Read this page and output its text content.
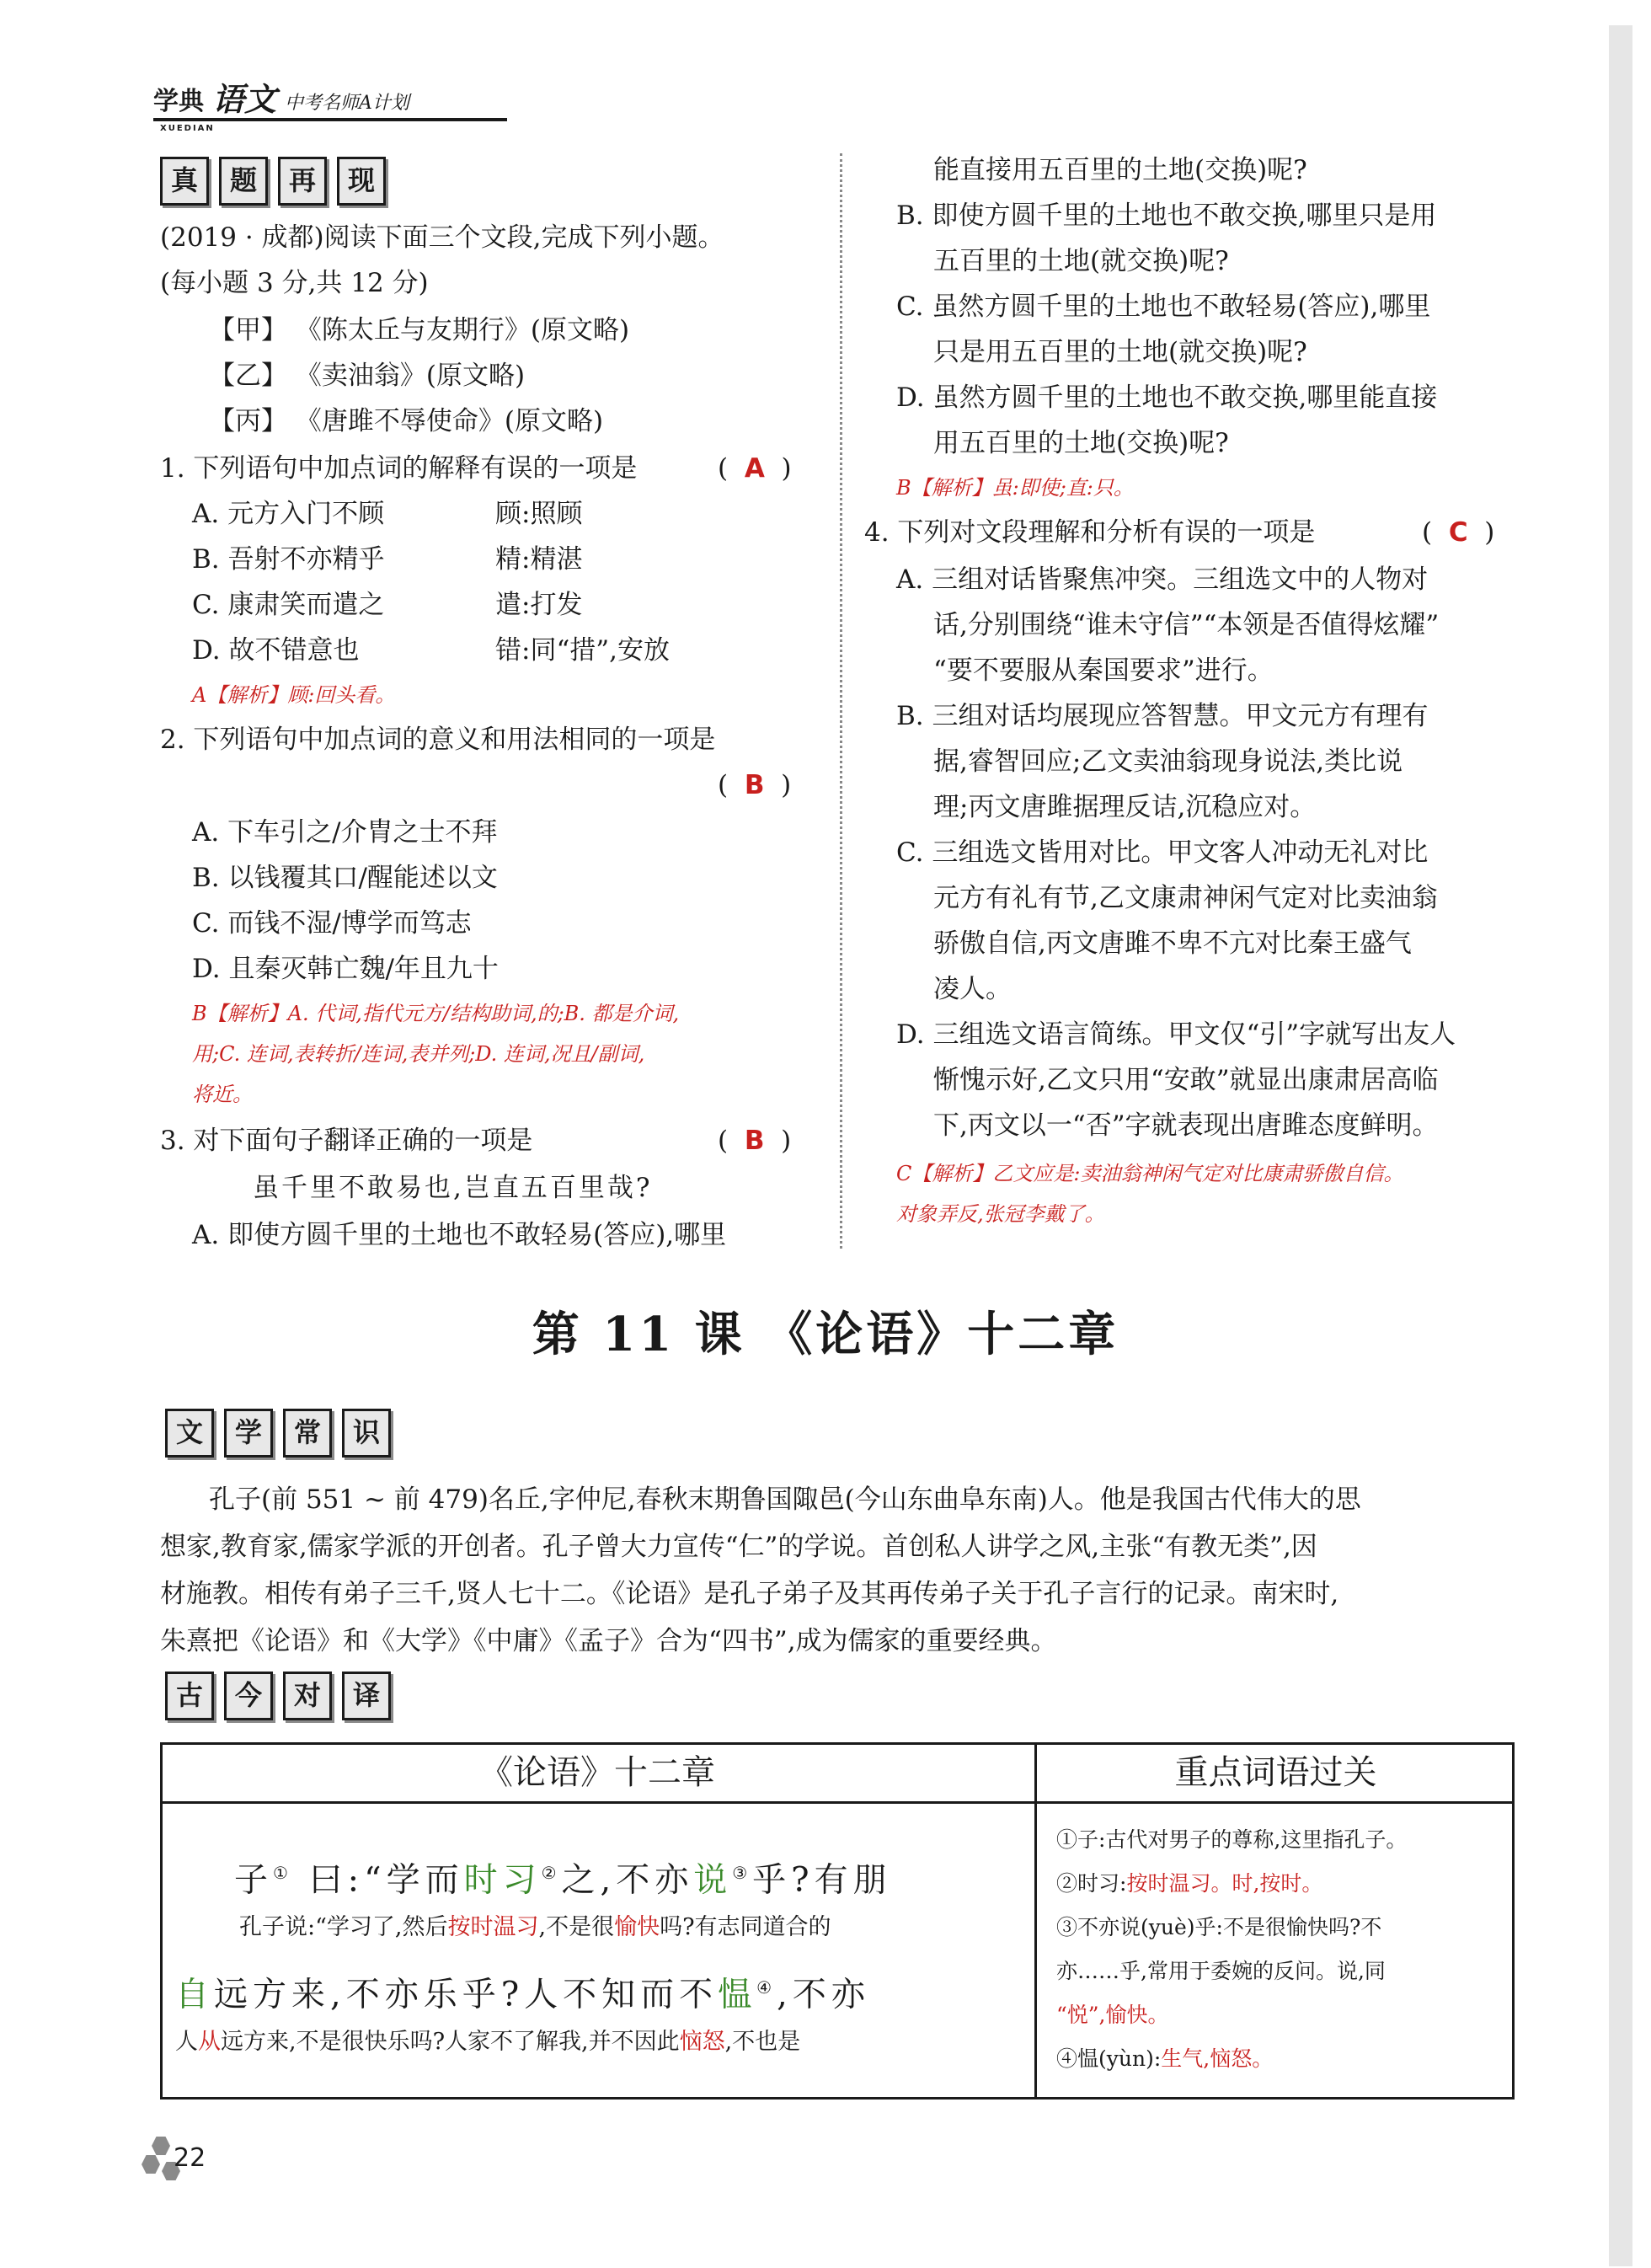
学典
XUEDIAN
语文 中考名师A计划
真	题	再	现
(2019 · 成都)阅读下面三个文段,完成下列小题。
(每小题 3 分,共 12 分)
【甲】 《陈太丘与友期行》(原文略)
【乙】 《卖油翁》(原文略)
【丙】 《唐雎不辱使命》(原文略)
1. 下列语句中加点词的解释有误的一项是	(  A  )
A. 元方入门不顾	顾:照顾
B. 吾射不亦精乎	精:精湛
C. 康肃笑而遣之	遣:打发
D. 故不错意也	错:同“措”,安放
A【解析】顾:回头看。
2. 下列语句中加点词的意义和用法相同的一项是
(  B  )
A. 下车引之/介胄之士不拜
B. 以钱覆其口/醒能述以文
C. 而钱不湿/博学而笃志
D. 且秦灭韩亡魏/年且九十
B【解析】A. 代词,指代元方/结构助词,的;B. 都是介词,
用;C. 连词,表转折/连词,表并列;D. 连词,况且/副词,
将近。
3. 对下面句子翻译正确的一项是	(  B  )
虽千里不敢易也,岂直五百里哉?
A. 即使方圆千里的土地也不敢轻易(答应),哪里
能直接用五百里的土地(交换)呢?
B. 即使方圆千里的土地也不敢交换,哪里只是用
五百里的土地(就交换)呢?
C. 虽然方圆千里的土地也不敢轻易(答应),哪里
只是用五百里的土地(就交换)呢?
D. 虽然方圆千里的土地也不敢交换,哪里能直接
用五百里的土地(交换)呢?
B【解析】虽:即使;直:只。
4. 下列对文段理解和分析有误的一项是	(  C  )
A. 三组对话皆聚焦冲突。三组选文中的人物对
话,分别围绕“谁未守信”“本领是否值得炫耀”
“要不要服从秦国要求”进行。
B. 三组对话均展现应答智慧。甲文元方有理有
据,睿智回应;乙文卖油翁现身说法,类比说
理;丙文唐雎据理反诘,沉稳应对。
C. 三组选文皆用对比。甲文客人冲动无礼对比
元方有礼有节,乙文康肃神闲气定对比卖油翁
骄傲自信,丙文唐雎不卑不亢对比秦王盛气
凌人。
D. 三组选文语言简练。甲文仅“引”字就写出友人
惭愧示好,乙文只用“安敢”就显出康肃居高临
下,丙文以一“否”字就表现出唐雎态度鲜明。
C【解析】乙文应是:卖油翁神闲气定对比康肃骄傲自信。
对象弄反,张冠李戴了。
第 11 课 《论语》十二章
文	学	常	识
孔子(前 551 ~ 前 479)名丘,字仲尼,春秋末期鲁国陬邑(今山东曲阜东南)人。他是我国古代伟大的思
想家,教育家,儒家学派的开创者。孔子曾大力宣传“仁”的学说。首创私人讲学之风,主张“有教无类”,因
材施教。相传有弟子三千,贤人七十二。《论语》是孔子弟子及其再传弟子关于孔子言行的记录。南宋时,
朱熹把《论语》和《大学》《中庸》《孟子》合为“四书”,成为儒家的重要经典。
古	今	对	译
《论语》十二章	重点词语过关
子① 曰:“学而时习②之,不亦说③乎?有朋
孔子说:“学习了,然后按时温习,不是很愉快吗?有志同道合的
自远方来,不亦乐乎?人不知而不愠④,不亦
人从远方来,不是很快乐吗?人家不了解我,并不因此恼怒,不也是
①子:古代对男子的尊称,这里指孔子。
②时习:按时温习。时,按时。
③不亦说(yuè)乎:不是很愉快吗?不
亦……乎,常用于委婉的反问。说,同
“悦”,愉快。
④愠(yùn):生气,恼怒。
22
